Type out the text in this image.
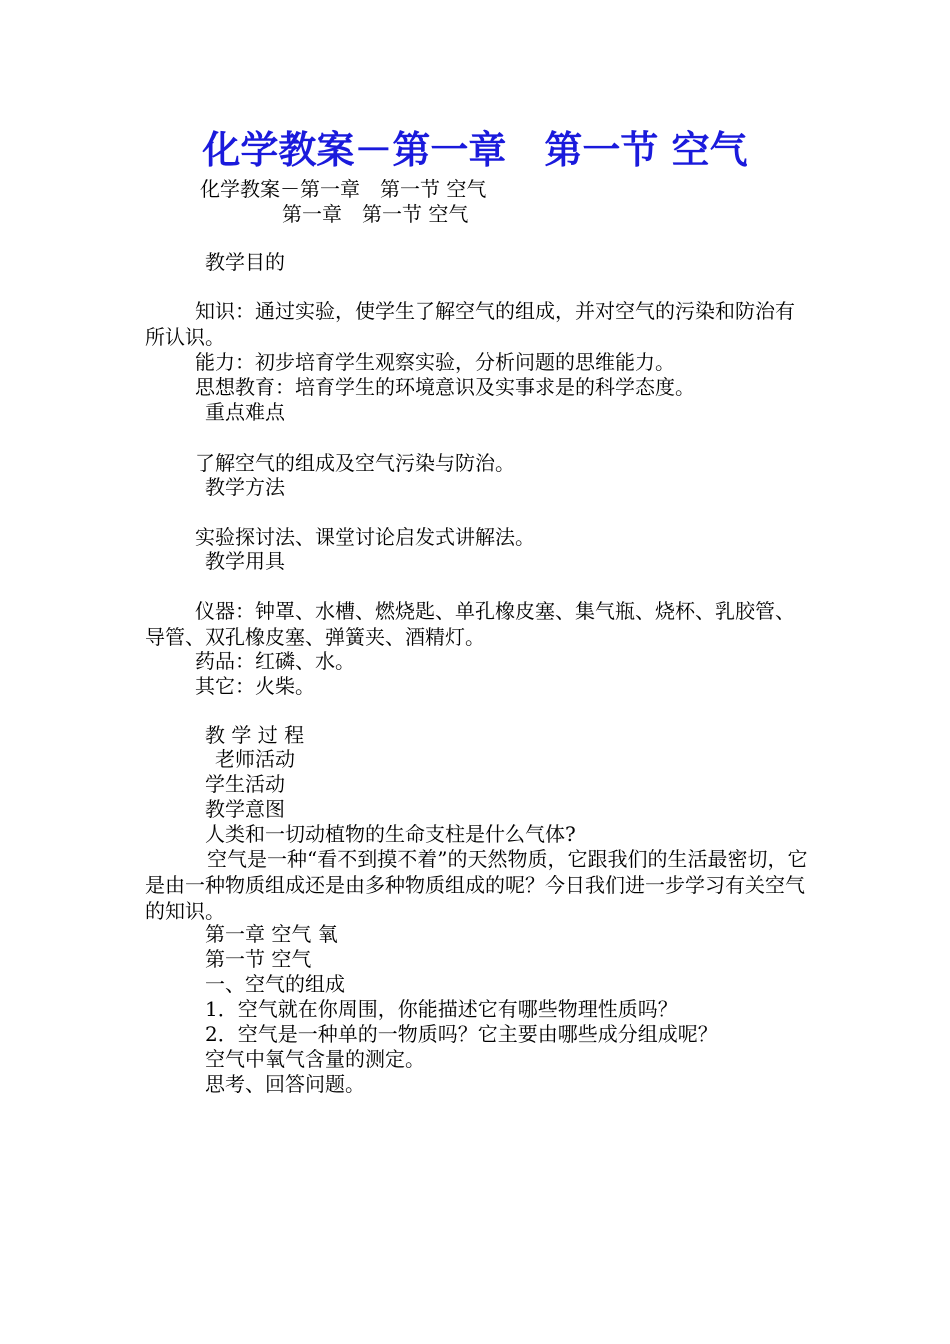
化学教案－第一章　第一节 空气
化学教案－第一章　第一节 空气
第一章　第一节 空气
教学目的
知识：通过实验，使学生了解空气的组成，并对空气的污染和防治有所认识。
能力：初步培育学生观察实验，分析问题的思维能力。
思想教育：培育学生的环境意识及实事求是的科学态度。
重点难点
了解空气的组成及空气污染与防治。
教学方法
实验探讨法、课堂讨论启发式讲解法。
教学用具
仪器：钟罩、水槽、燃烧匙、单孔橡皮塞、集气瓶、烧杯、乳胶管、导管、双孔橡皮塞、弹簧夹、酒精灯。
药品：红磷、水。
其它：火柴。
教 学 过 程
老师活动
学生活动
教学意图
人类和一切动植物的生命支柱是什么气体?
空气是一种“看不到摸不着”的天然物质，它跟我们的生活最密切，它是由一种物质组成还是由多种物质组成的呢？今日我们进一步学习有关空气的知识。
第一章 空气 氧
第一节 空气
一、空气的组成
1．空气就在你周围，你能描述它有哪些物理性质吗？
2．空气是一种单的一物质吗？它主要由哪些成分组成呢？
空气中氧气含量的测定。
思考、回答问题。
